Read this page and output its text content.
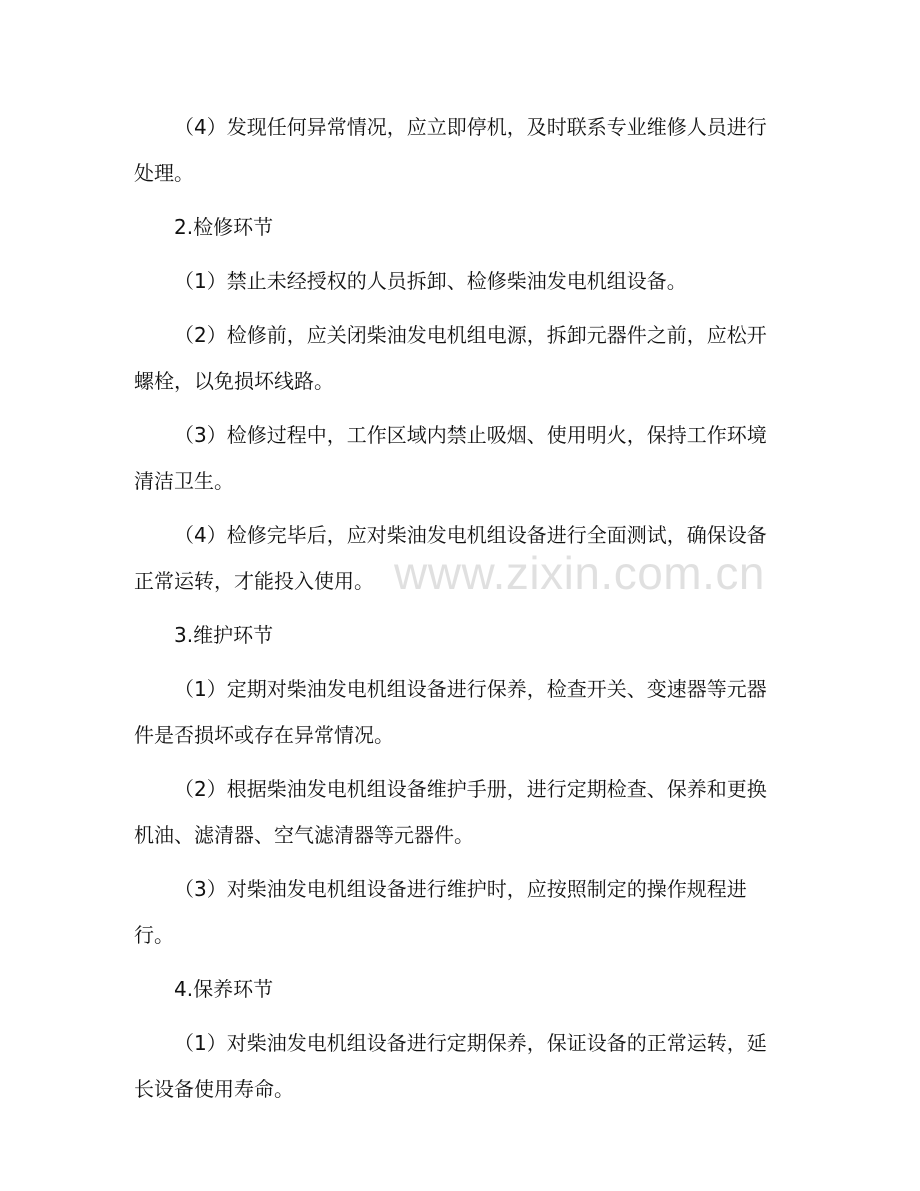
（4）发现任何异常情况，应立即停机，及时联系专业维修人员进行处理。

2.检修环节

（1）禁止未经授权的人员拆卸、检修柴油发电机组设备。

（2）检修前，应关闭柴油发电机组电源，拆卸元器件之前，应松开螺栓，以免损坏线路。

（3）检修过程中，工作区域内禁止吸烟、使用明火，保持工作环境清洁卫生。

（4）检修完毕后，应对柴油发电机组设备进行全面测试，确保设备正常运转，才能投入使用。

3.维护环节

（1）定期对柴油发电机组设备进行保养，检查开关、变速器等元器件是否损坏或存在异常情况。

（2）根据柴油发电机组设备维护手册，进行定期检查、保养和更换机油、滤清器、空气滤清器等元器件。

（3）对柴油发电机组设备进行维护时，应按照制定的操作规程进行。

4.保养环节

（1）对柴油发电机组设备进行定期保养，保证设备的正常运转，延长设备使用寿命。

www.zixin.com.cn
